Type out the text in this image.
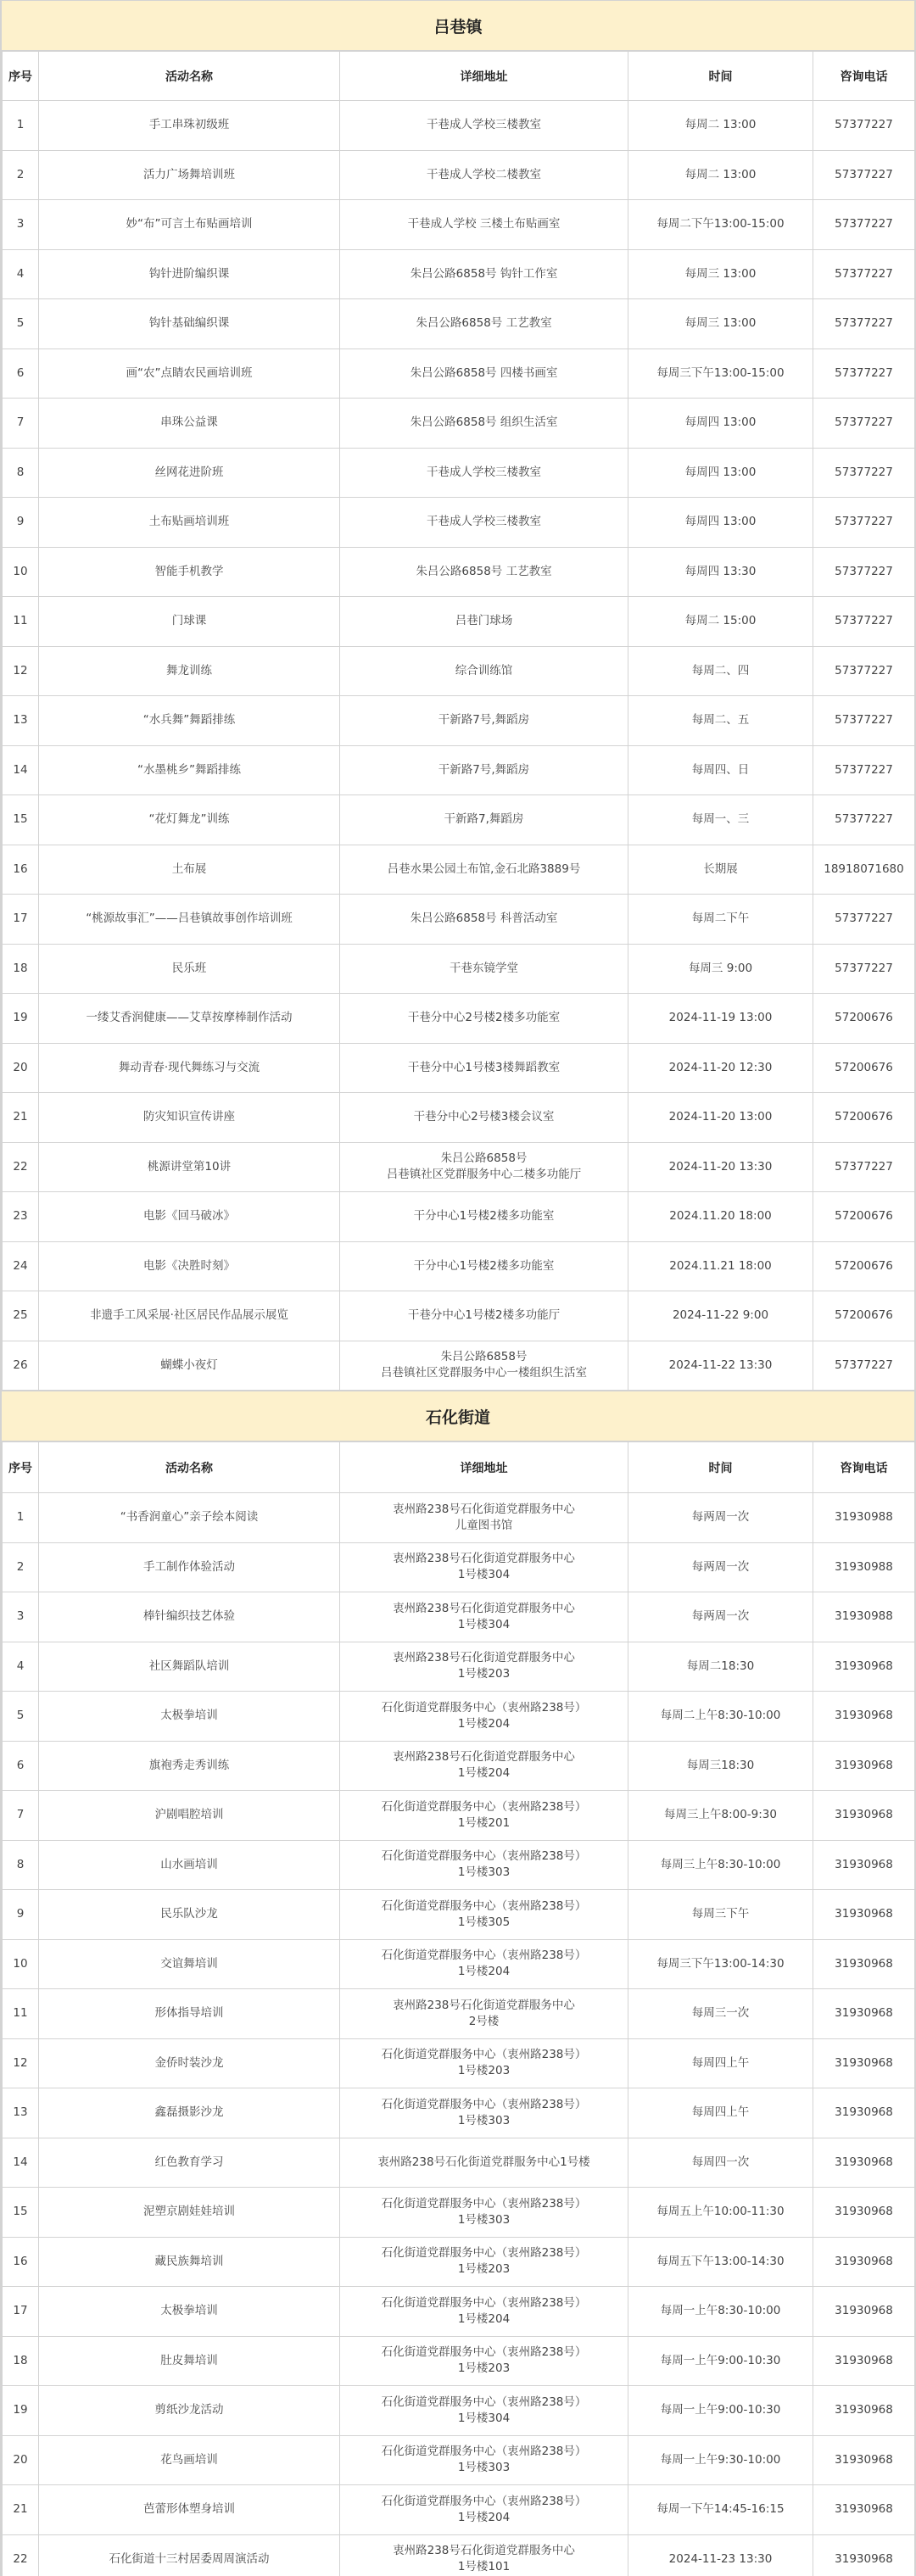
吕巷镇
序号	活动名称	详细地址	时间	咨询电话
1	手工串珠初级班	干巷成人学校三楼教室	每周二 13:00	57377227
2	活力广场舞培训班	干巷成人学校二楼教室	每周二 13:00	57377227
3	妙“布”可言土布贴画培训	干巷成人学校 三楼土布贴画室	每周二下午13:00-15:00	57377227
4	钩针进阶编织课	朱吕公路6858号 钩针工作室	每周三 13:00	57377227
5	钩针基础编织课	朱吕公路6858号 工艺教室	每周三 13:00	57377227
6	画“农”点睛农民画培训班	朱吕公路6858号 四楼书画室	每周三下午13:00-15:00	57377227
7	串珠公益课	朱吕公路6858号 组织生活室	每周四 13:00	57377227
8	丝网花进阶班	干巷成人学校三楼教室	每周四 13:00	57377227
9	土布贴画培训班	干巷成人学校三楼教室	每周四 13:00	57377227
10	智能手机教学	朱吕公路6858号 工艺教室	每周四 13:30	57377227
11	门球课	吕巷门球场	每周二 15:00	57377227
12	舞龙训练	综合训练馆	每周二、四	57377227
13	“水兵舞”舞蹈排练	干新路7号,舞蹈房	每周二、五	57377227
14	“水墨桃乡”舞蹈排练	干新路7号,舞蹈房	每周四、日	57377227
15	“花灯舞龙”训练	干新路7,舞蹈房	每周一、三	57377227
16	土布展	吕巷水果公园土布馆,金石北路3889号	长期展	18918071680
17	“桃源故事汇”——吕巷镇故事创作培训班	朱吕公路6858号 科普活动室	每周二下午	57377227
18	民乐班	干巷东镜学堂	每周三 9:00	57377227
19	一缕艾香润健康——艾草按摩棒制作活动	干巷分中心2号楼2楼多功能室	2024-11-19 13:00	57200676
20	舞动青春·现代舞练习与交流	干巷分中心1号楼3楼舞蹈教室	2024-11-20 12:30	57200676
21	防灾知识宣传讲座	干巷分中心2号楼3楼会议室	2024-11-20 13:00	57200676
22	桃源讲堂第10讲	朱吕公路6858号
吕巷镇社区党群服务中心二楼多功能厅	2024-11-20 13:30	57377227
23	电影《回马破冰》	干分中心1号楼2楼多功能室	2024.11.20 18:00	57200676
24	电影《决胜时刻》	干分中心1号楼2楼多功能室	2024.11.21 18:00	57200676
25	非遗手工风采展·社区居民作品展示展览	干巷分中心1号楼2楼多功能厅	2024-11-22 9:00	57200676
26	蝴蝶小夜灯	朱吕公路6858号
吕巷镇社区党群服务中心一楼组织生活室	2024-11-22 13:30	57377227
石化街道
序号	活动名称	详细地址	时间	咨询电话
1	“书香润童心”亲子绘本阅读	衷州路238号石化街道党群服务中心
儿童图书馆	每两周一次	31930988
2	手工制作体验活动	衷州路238号石化街道党群服务中心
1号楼304	每两周一次	31930988
3	棒针编织技艺体验	衷州路238号石化街道党群服务中心
1号楼304	每两周一次	31930988
4	社区舞蹈队培训	衷州路238号石化街道党群服务中心
1号楼203	每周二18:30	31930968
5	太极拳培训	石化街道党群服务中心（衷州路238号）
1号楼204	每周二上午8:30-10:00	31930968
6	旗袍秀走秀训练	衷州路238号石化街道党群服务中心
1号楼204	每周三18:30	31930968
7	沪剧唱腔培训	石化街道党群服务中心（衷州路238号）
1号楼201	每周三上午8:00-9:30	31930968
8	山水画培训	石化街道党群服务中心（衷州路238号）
1号楼303	每周三上午8:30-10:00	31930968
9	民乐队沙龙	石化街道党群服务中心（衷州路238号）
1号楼305	每周三下午	31930968
10	交谊舞培训	石化街道党群服务中心（衷州路238号）
1号楼204	每周三下午13:00-14:30	31930968
11	形体指导培训	衷州路238号石化街道党群服务中心
2号楼	每周三一次	31930968
12	金侨时装沙龙	石化街道党群服务中心（衷州路238号）
1号楼203	每周四上午	31930968
13	鑫磊摄影沙龙	石化街道党群服务中心（衷州路238号）
1号楼303	每周四上午	31930968
14	红色教育学习	衷州路238号石化街道党群服务中心1号楼	每周四一次	31930968
15	泥塑京剧娃娃培训	石化街道党群服务中心（衷州路238号）
1号楼303	每周五上午10:00-11:30	31930968
16	藏民族舞培训	石化街道党群服务中心（衷州路238号）
1号楼203	每周五下午13:00-14:30	31930968
17	太极拳培训	石化街道党群服务中心（衷州路238号）
1号楼204	每周一上午8:30-10:00	31930968
18	肚皮舞培训	石化街道党群服务中心（衷州路238号）
1号楼203	每周一上午9:00-10:30	31930968
19	剪纸沙龙活动	石化街道党群服务中心（衷州路238号）
1号楼304	每周一上午9:00-10:30	31930968
20	花鸟画培训	石化街道党群服务中心（衷州路238号）
1号楼303	每周一上午9:30-10:00	31930968
21	芭蕾形体塑身培训	石化街道党群服务中心（衷州路238号）
1号楼204	每周一下午14:45-16:15	31930968
22	石化街道十三村居委周周演活动	衷州路238号石化街道党群服务中心
1号楼101	2024-11-23 13:30	31930968
